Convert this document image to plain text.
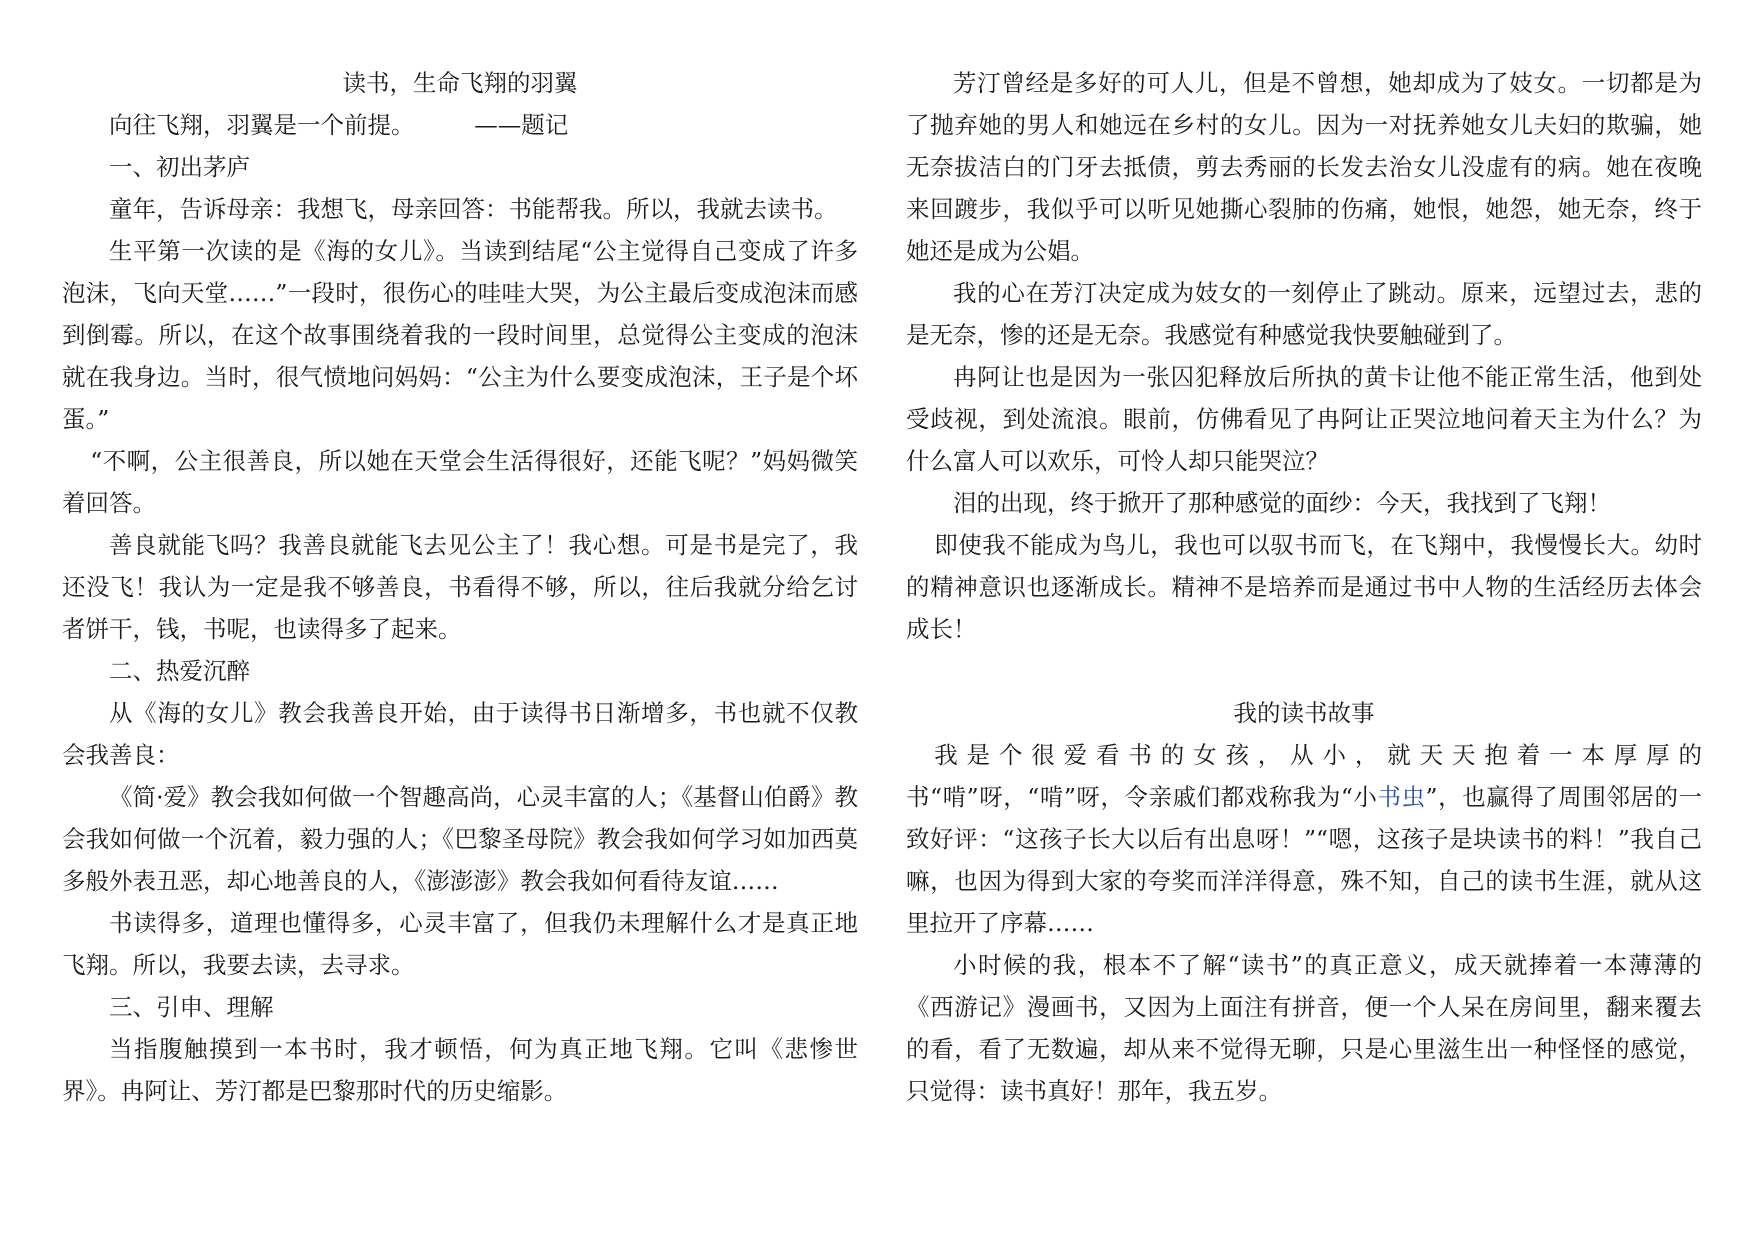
读书，生命飞翔的羽翼

向往飞翔，羽翼是一个前提。        ——题记

一、初出茅庐

童年，告诉母亲：我想飞，母亲回答：书能帮我。所以，我就去读书。

生平第一次读的是《海的女儿》。当读到结尾“公主觉得自己变成了许多泡沫，飞向天堂……”一段时，很伤心的哇哇大哭，为公主最后变成泡沫而感到倒霉。所以，在这个故事围绕着我的一段时间里，总觉得公主变成的泡沫就在我身边。当时，很气愤地问妈妈：“公主为什么要变成泡沫，王子是个坏蛋。”

“不啊，公主很善良，所以她在天堂会生活得很好，还能飞呢？”妈妈微笑着回答。

善良就能飞吗？我善良就能飞去见公主了！我心想。可是书是完了，我还没飞！我认为一定是我不够善良，书看得不够，所以，往后我就分给乞讨者饼干，钱，书呢，也读得多了起来。

二、热爱沉醉

从《海的女儿》教会我善良开始，由于读得书日渐增多，书也就不仅教会我善良：

《简·爱》教会我如何做一个智趣高尚，心灵丰富的人；《基督山伯爵》教会我如何做一个沉着，毅力强的人；《巴黎圣母院》教会我如何学习如加西莫多般外表丑恶，却心地善良的人，《澎澎澎》教会我如何看待友谊……

书读得多，道理也懂得多，心灵丰富了，但我仍未理解什么才是真正地飞翔。所以，我要去读，去寻求。

三、引申、理解

当指腹触摸到一本书时，我才顿悟，何为真正地飞翔。它叫《悲惨世界》。冉阿让、芳汀都是巴黎那时代的历史缩影。

芳汀曾经是多好的可人儿，但是不曾想，她却成为了妓女。一切都是为了抛弃她的男人和她远在乡村的女儿。因为一对抚养她女儿夫妇的欺骗，她无奈拔洁白的门牙去抵债，剪去秀丽的长发去治女儿没虚有的病。她在夜晚来回踱步，我似乎可以听见她撕心裂肺的伤痛，她恨，她怨，她无奈，终于她还是成为公娼。

我的心在芳汀决定成为妓女的一刻停止了跳动。原来，远望过去，悲的是无奈，惨的还是无奈。我感觉有种感觉我快要触碰到了。

冉阿让也是因为一张囚犯释放后所执的黄卡让他不能正常生活，他到处受歧视，到处流浪。眼前，仿佛看见了冉阿让正哭泣地问着天主为什么？为什么富人可以欢乐，可怜人却只能哭泣？

泪的出现，终于掀开了那种感觉的面纱：今天，我找到了飞翔！

即使我不能成为鸟儿，我也可以驭书而飞，在飞翔中，我慢慢长大。幼时的精神意识也逐渐成长。精神不是培养而是通过书中人物的生活经历去体会成长！

我的读书故事

我是个很爱看书的女孩，从小，就天天抱着一本厚厚的书“啃”呀，“啃”呀，令亲戚们都戏称我为“小书虫”，也赢得了周围邻居的一致好评：“这孩子长大以后有出息呀！”“嗯，这孩子是块读书的料！”我自己嘛，也因为得到大家的夸奖而洋洋得意，殊不知，自己的读书生涯，就从这里拉开了序幕……

小时候的我，根本不了解“读书”的真正意义，成天就捧着一本薄薄的《西游记》漫画书，又因为上面注有拼音，便一个人呆在房间里，翻来覆去的看，看了无数遍，却从来不觉得无聊，只是心里滋生出一种怪怪的感觉，只觉得：读书真好！那年，我五岁。
